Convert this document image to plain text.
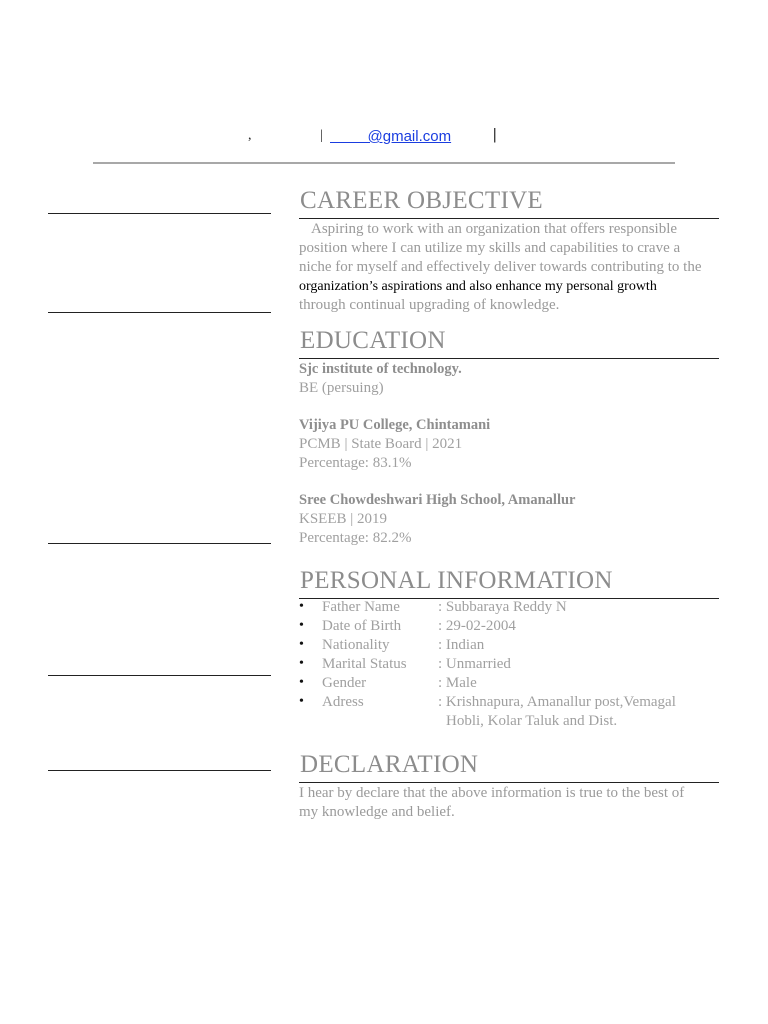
,	| @gmail.com	|
CAREER OBJECTIVE
Aspiring to work with an organization that offers responsible
position where I can utilize my skills and capabilities to crave a
niche for myself and effectively deliver towards contributing to the
organization’s aspirations and also enhance my personal growth
through continual upgrading of knowledge.
EDUCATION
Sjc institute of technology.
BE (persuing)
Vijiya PU College, Chintamani
PCMB | State Board | 2021
Percentage: 83.1%
Sree Chowdeshwari High School, Amanallur
KSEEB | 2019
Percentage: 82.2%
PERSONAL INFORMATION
• Father Name	: Subbaraya Reddy N
• Date of Birth : 29-02-2004
• Nationality	: Indian
• Marital Status : Unmarried
• Gender	: Male
• Adress	: Krishnapura, Amanallur post,Vemagal
Hobli, Kolar Taluk and Dist.
DECLARATION
I hear by declare that the above information is true to the best of
my knowledge and belief.
